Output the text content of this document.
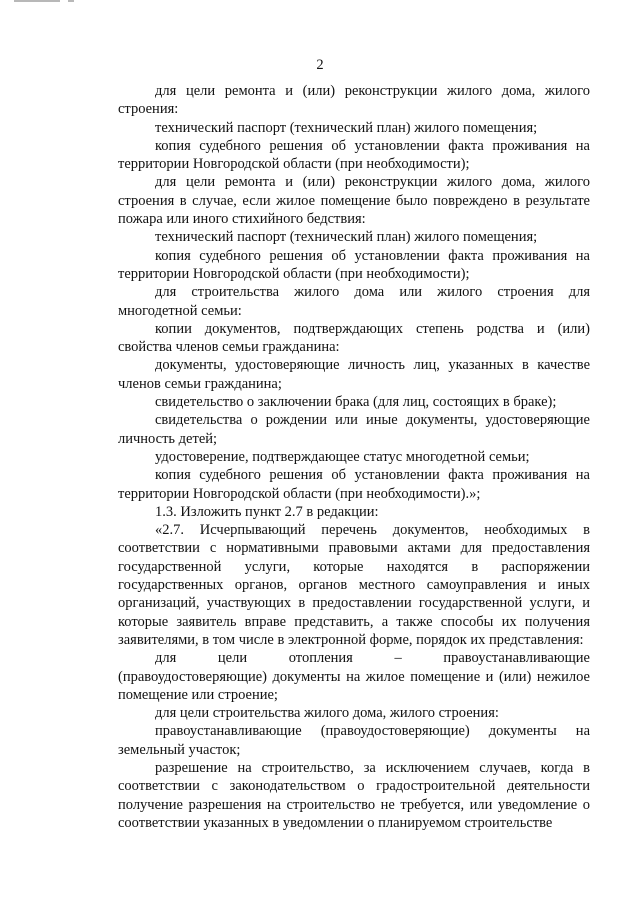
2

для цели ремонта и (или) реконструкции жилого дома, жилого строения:

технический паспорт (технический план) жилого помещения;

копия судебного решения об установлении факта проживания на территории Новгородской области (при необходимости);

для цели ремонта и (или) реконструкции жилого дома, жилого строения в случае, если жилое помещение было повреждено в результате пожара или иного стихийного бедствия:

технический паспорт (технический план) жилого помещения;

копия судебного решения об установлении факта проживания на территории Новгородской области (при необходимости);

для строительства жилого дома или жилого строения для многодетной семьи:

копии документов, подтверждающих степень родства и (или) свойства членов семьи гражданина:

документы, удостоверяющие личность лиц, указанных в качестве членов семьи гражданина;

свидетельство о заключении брака (для лиц, состоящих в браке);

свидетельства о рождении или иные документы, удостоверяющие личность детей;

удостоверение, подтверждающее статус многодетной семьи;

копия судебного решения об установлении факта проживания на территории Новгородской области (при необходимости).»;

1.3. Изложить пункт 2.7 в редакции:

«2.7. Исчерпывающий перечень документов, необходимых в соответствии с нормативными правовыми актами для предоставления государственной услуги, которые находятся в распоряжении государственных органов, органов местного самоуправления и иных организаций, участвующих в предоставлении государственной услуги, и которые заявитель вправе представить, а также способы их получения заявителями, в том числе в электронной форме, порядок их представления:

для цели отопления – правоустанавливающие (правоудостоверяющие) документы на жилое помещение и (или) нежилое помещение или строение;

для цели строительства жилого дома, жилого строения:

правоустанавливающие (правоудостоверяющие) документы на земельный участок;

разрешение на строительство, за исключением случаев, когда в соответствии с законодательством о градостроительной деятельности получение разрешения на строительство не требуется, или уведомление о соответствии указанных в уведомлении о планируемом строительстве
